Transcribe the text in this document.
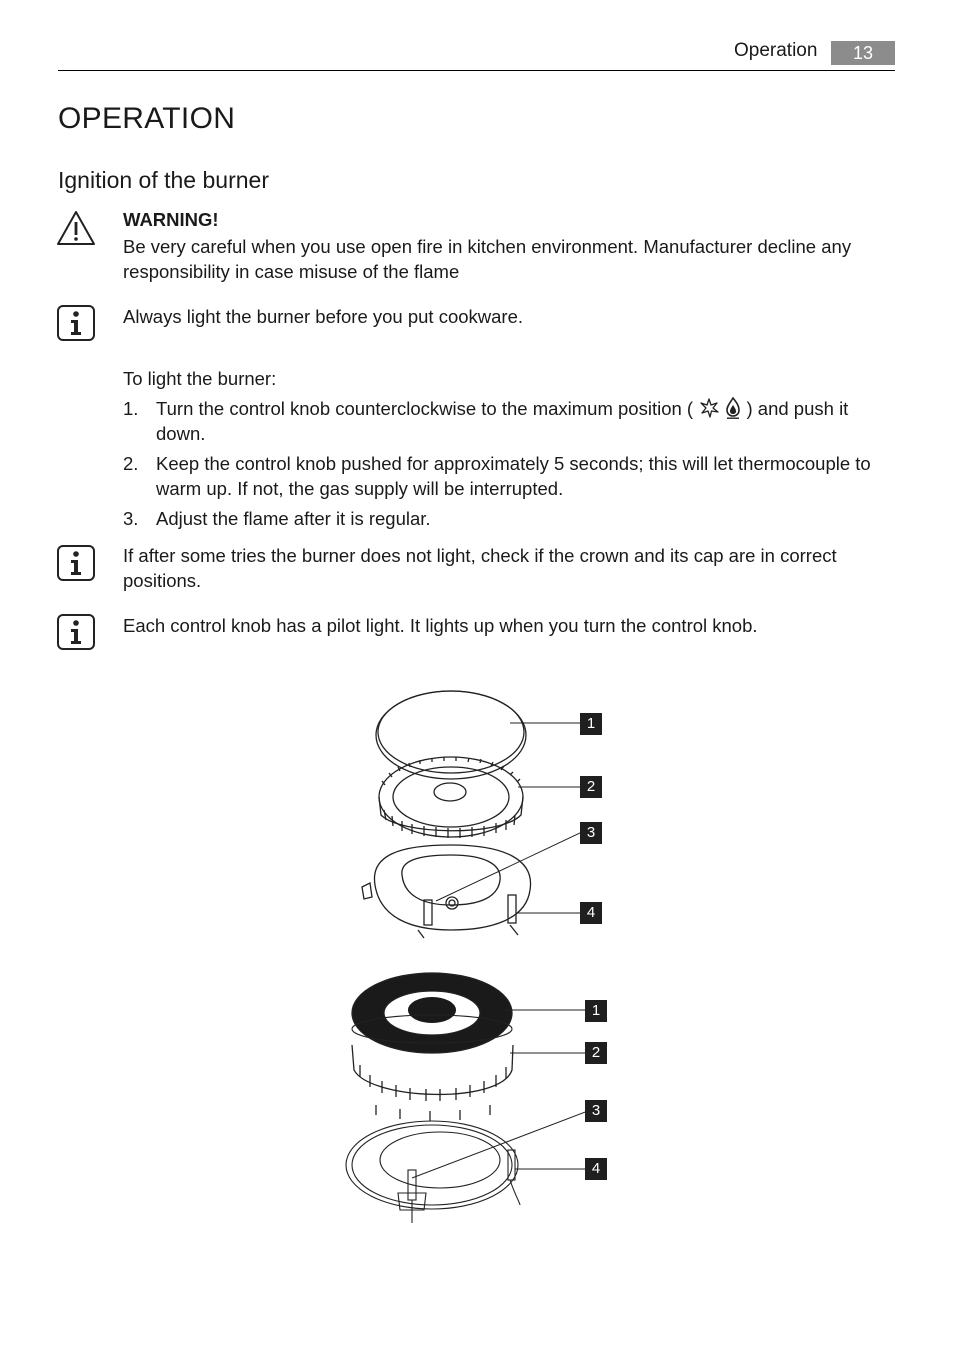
Operation	13
OPERATION
Ignition of the burner
WARNING!
Be very careful when you use open fire in kitchen environment. Manufacturer decline any responsibility in case misuse of the flame
Always light the burner before you put cookware.
To light the burner:
1. Turn the control knob counterclockwise to the maximum position (	) and push it
down.
2. Keep the control knob pushed for approximately 5 seconds; this will let thermocouple to warm up. If not, the gas supply will be interrupted.
3. Adjust the flame after it is regular.
If after some tries the burner does not light, check if the crown and its cap are in correct positions.
Each control knob has a pilot light. It lights up when you turn the control knob.
1
2
3
4
1
2
3
4
